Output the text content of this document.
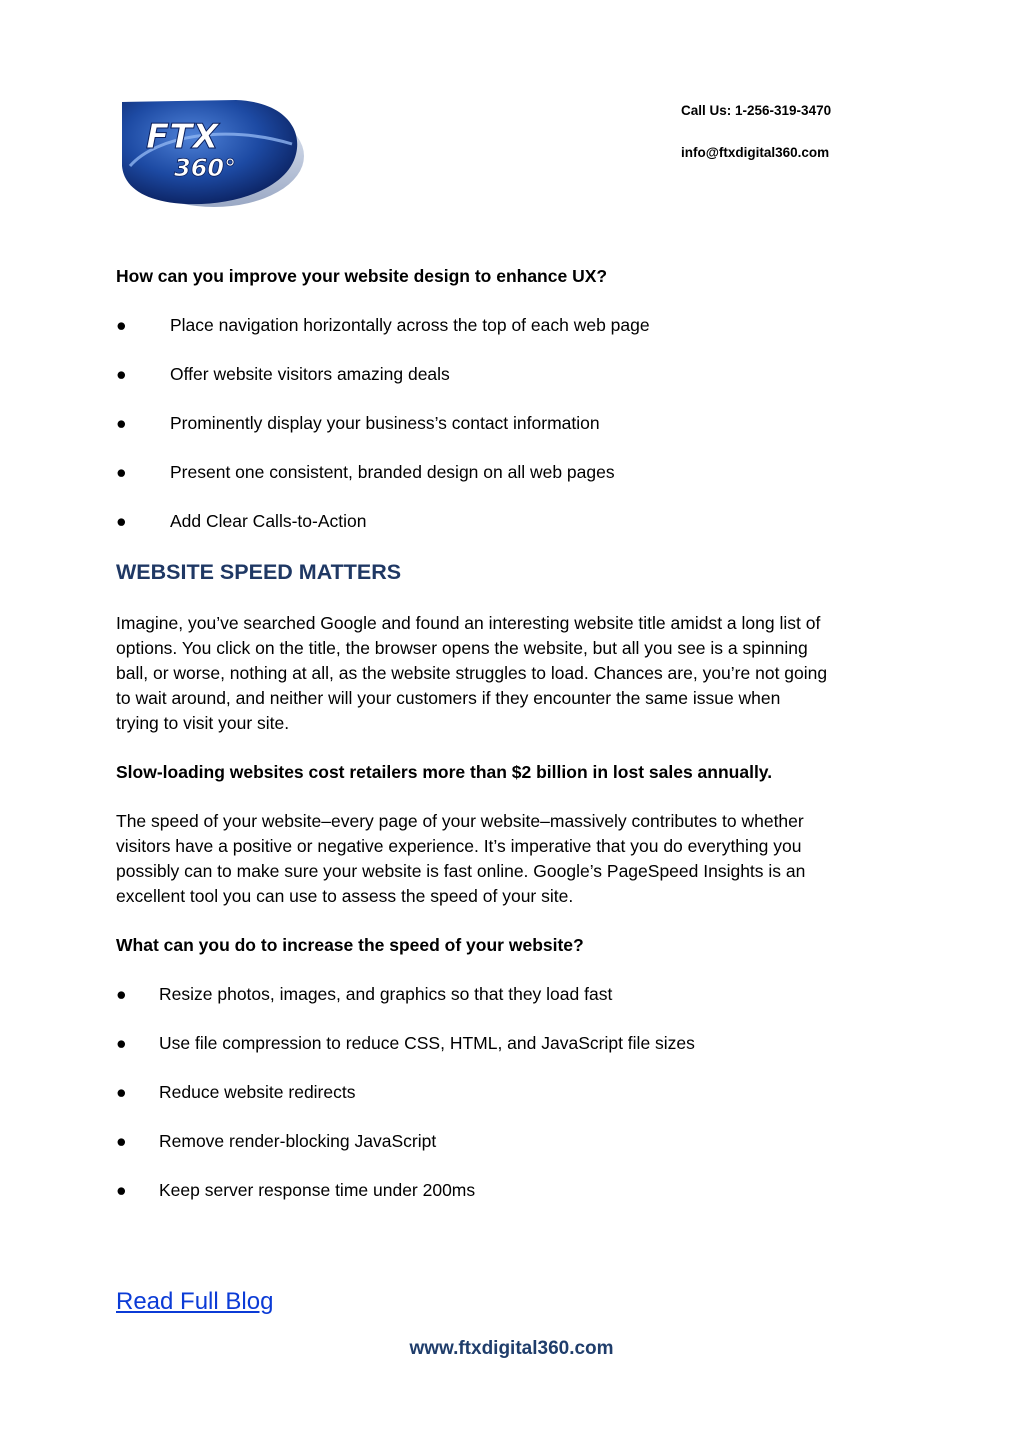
FTX
360°
Call Us: 1-256-319-3470
info@ftxdigital360.com

How can you improve your website design to enhance UX?

●	Place navigation horizontally across the top of each web page
●	Offer website visitors amazing deals
●	Prominently display your business’s contact information
●	Present one consistent, branded design on all web pages
●	Add Clear Calls-to-Action

WEBSITE SPEED MATTERS

Imagine, you’ve searched Google and found an interesting website title amidst a long list of
options. You click on the title, the browser opens the website, but all you see is a spinning
ball, or worse, nothing at all, as the website struggles to load. Chances are, you’re not going
to wait around, and neither will your customers if they encounter the same issue when
trying to visit your site.

Slow-loading websites cost retailers more than $2 billion in lost sales annually.

The speed of your website–every page of your website–massively contributes to whether
visitors have a positive or negative experience. It’s imperative that you do everything you
possibly can to make sure your website is fast online. Google’s PageSpeed Insights is an
excellent tool you can use to assess the speed of your site.

What can you do to increase the speed of your website?

●	Resize photos, images, and graphics so that they load fast
●	Use file compression to reduce CSS, HTML, and JavaScript file sizes
●	Reduce website redirects
●	Remove render-blocking JavaScript
●	Keep server response time under 200ms
Read Full Blog
www.ftxdigital360.com
